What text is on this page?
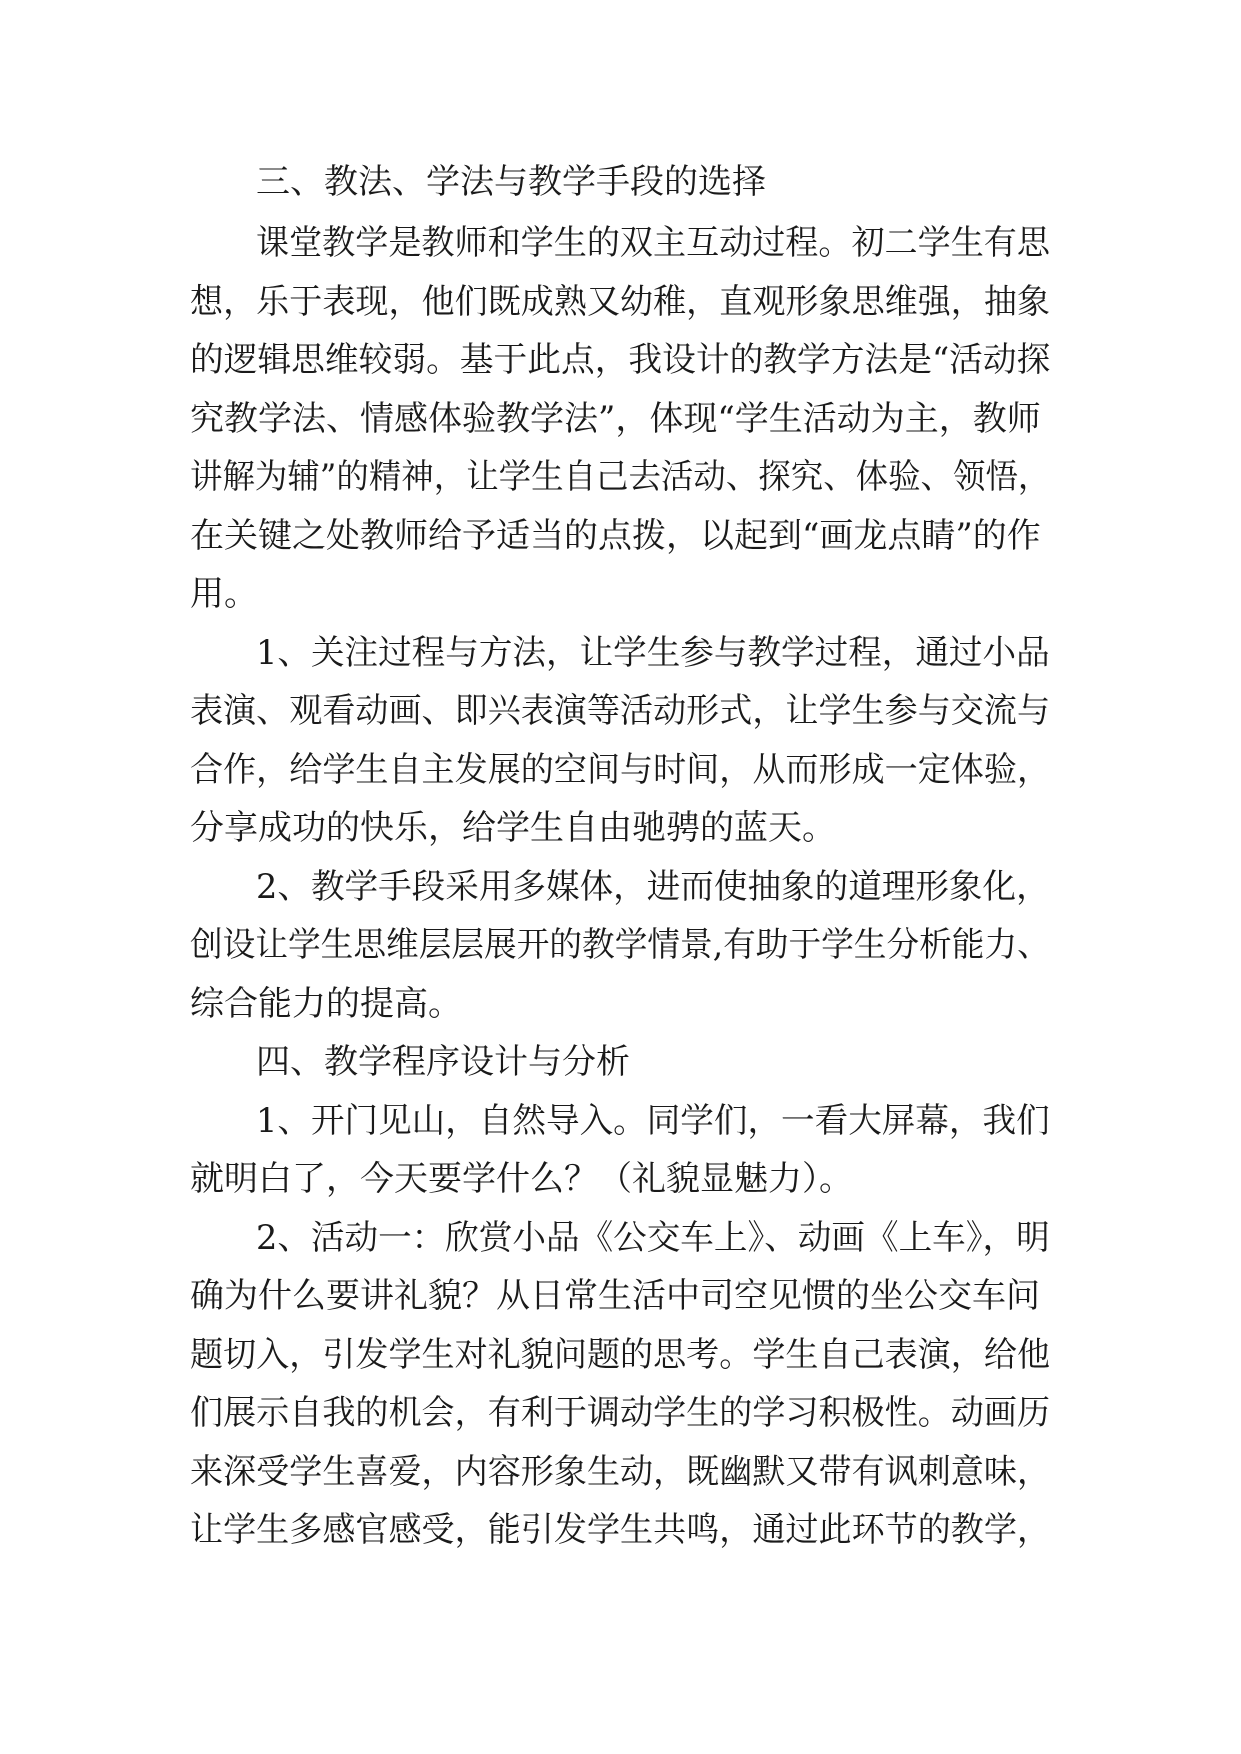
三、教法、学法与教学手段的选择
课堂教学是教师和学生的双主互动过程。初二学生有思
想，乐于表现，他们既成熟又幼稚，直观形象思维强，抽象
的逻辑思维较弱。基于此点，我设计的教学方法是“活动探
究教学法、情感体验教学法”，体现“学生活动为主，教师
讲解为辅”的精神，让学生自己去活动、探究、体验、领悟，
在关键之处教师给予适当的点拨，以起到“画龙点睛”的作
用。
1、关注过程与方法，让学生参与教学过程，通过小品
表演、观看动画、即兴表演等活动形式，让学生参与交流与
合作，给学生自主发展的空间与时间，从而形成一定体验，
分享成功的快乐，给学生自由驰骋的蓝天。
2、教学手段采用多媒体，进而使抽象的道理形象化，
创设让学生思维层层展开的教学情景,有助于学生分析能力、
综合能力的提高。
四、教学程序设计与分析
1、开门见山，自然导入。同学们，一看大屏幕，我们
就明白了，今天要学什么？（礼貌显魅力）。
2、活动一：欣赏小品《公交车上》、动画《上车》，明
确为什么要讲礼貌？从日常生活中司空见惯的坐公交车问
题切入，引发学生对礼貌问题的思考。学生自己表演，给他
们展示自我的机会，有利于调动学生的学习积极性。动画历
来深受学生喜爱，内容形象生动，既幽默又带有讽刺意味，
让学生多感官感受，能引发学生共鸣，通过此环节的教学，
